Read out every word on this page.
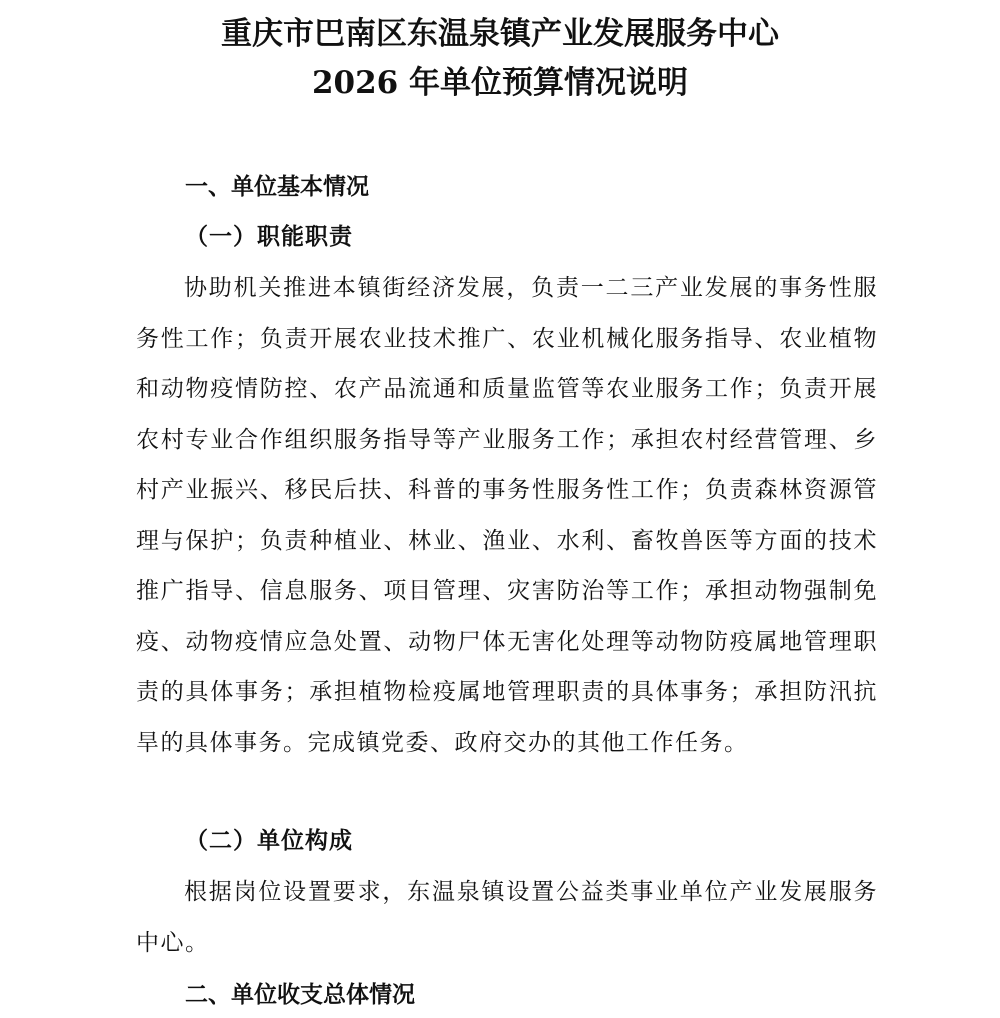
重庆市巴南区东温泉镇产业发展服务中心
2026 年单位预算情况说明
一、单位基本情况
（一）职能职责

协助机关推进本镇街经济发展，负责一二三产业发展的事务性服务性工作；负责开展农业技术推广、农业机械化服务指导、农业植物和动物疫情防控、农产品流通和质量监管等农业服务工作；负责开展农村专业合作组织服务指导等产业服务工作；承担农村经营管理、乡村产业振兴、移民后扶、科普的事务性服务性工作；负责森林资源管理与保护；负责种植业、林业、渔业、水利、畜牧兽医等方面的技术推广指导、信息服务、项目管理、灾害防治等工作；承担动物强制免疫、动物疫情应急处置、动物尸体无害化处理等动物防疫属地管理职责的具体事务；承担植物检疫属地管理职责的具体事务；承担防汛抗旱的具体事务。完成镇党委、政府交办的其他工作任务。

（二）单位构成

根据岗位设置要求，东温泉镇设置公益类事业单位产业发展服务中心。

二、单位收支总体情况
